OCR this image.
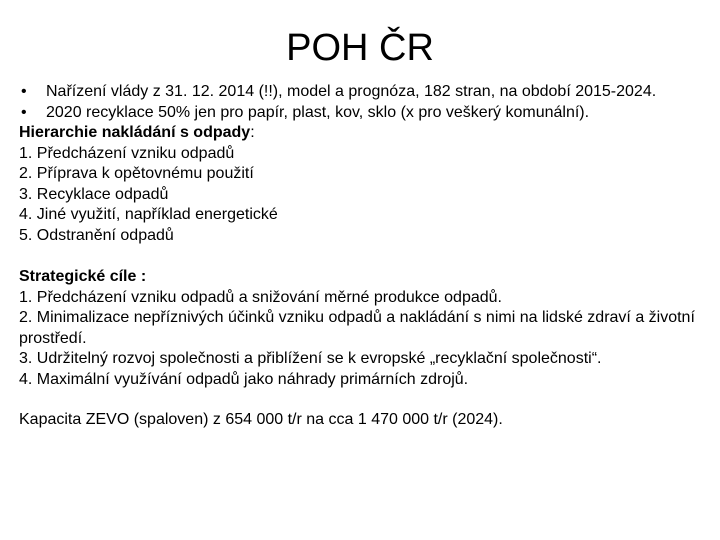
POH ČR
• Nařízení vlády z 31. 12. 2014 (!!), model a prognóza, 182 stran, na období 2015-2024.
• 2020 recyklace 50% jen pro papír, plast, kov, sklo (x pro veškerý komunální).

Hierarchie nakládání s odpady:

1. Předcházení vzniku odpadů

2. Příprava k opětovnému použití

3. Recyklace odpadů

4. Jiné využití, například energetické

5. Odstranění odpadů

Strategické cíle :

1. Předcházení vzniku odpadů a snižování měrné produkce odpadů.

2. Minimalizace nepříznivých účinků vzniku odpadů a nakládání s nimi na lidské zdraví a životní prostředí.

3. Udržitelný rozvoj společnosti a přiblížení se k evropské „recyklační společnosti“.

4. Maximální využívání odpadů jako náhrady primárních zdrojů.

Kapacita ZEVO (spaloven) z 654 000 t/r na cca 1 470 000 t/r (2024).
